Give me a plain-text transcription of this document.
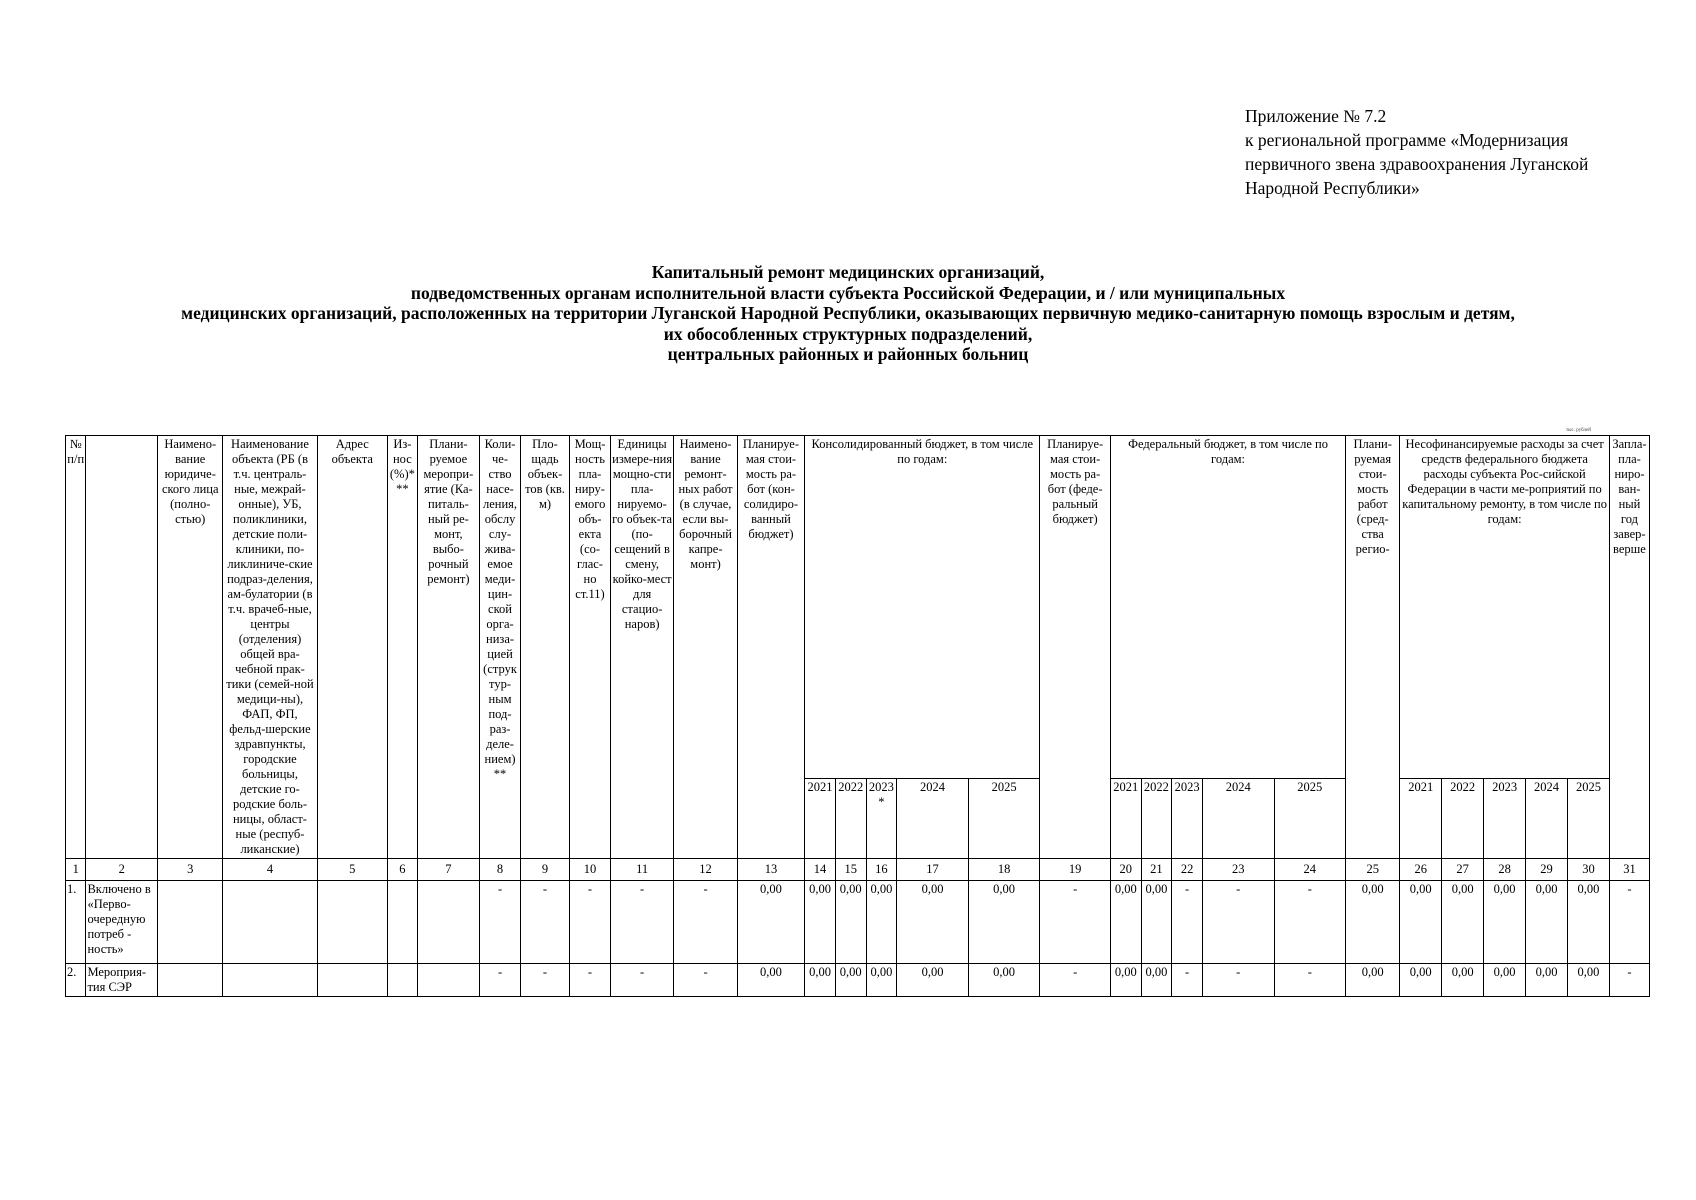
Приложение № 7.2
к региональной программе «Модернизация
первичного звена здравоохранения Луганской
Народной Республики»
Капитальный ремонт медицинских организаций,
подведомственных органам исполнительной власти субъекта Российской Федерации, и / или муниципальных
медицинских организаций, расположенных на территории Луганской Народной Республики, оказывающих первичную медико-санитарную помощь взрослым и детям,
их обособленных структурных подразделений,
центральных районных и районных больниц
тыс. рублей
№ п/п		Наимено-вание юридиче-ского лица (полно-стью)	Наименование объекта (РБ (в т.ч. централь-ные, межрай-онные), УБ, поликлиники, детские поли-клиники, по-ликлиниче-ские подраз-деления, ам-булатории (в т.ч. врачеб-ные, центры (отделения) общей вра-чебной прак-тики (семей-ной медици-ны), ФАП, ФП, фельд-шерские здравпункты, городские больницы, детские го-родские боль-ницы, област-ные (респуб-ликанские)	Адрес объекта	Из-нос (%)* **	Плани-руемое меропри-ятие (Ка-питаль-ный ре-монт, выбо-рочный ремонт)	Коли-че-ство насе-ления, обслу слу-жива-емое меди-цин-ской орга-низа-цией (струк тур-ным под-раз-деле-нием) **	Пло-щадь объек-тов (кв. м)	Мощ-ность пла-ниру-емого объ-екта (со-глас-но ст.11)	Единицы измере-ния мощно-сти пла-нируемо-го объек-та (по-сещений в смену, койко-мест для стацио-наров)	Наимено-вание ремонт-ных работ (в случае, если вы-борочный капре-монт)	Планируе-мая стои-мость ра-бот (кон-солидиро-ванный бюджет)	Консолидированный бюджет, в том числе по годам:					Планируе-мая стои-мость ра-бот (феде-ральный бюджет)	Федеральный бюджет, в том числе по годам:					Плани-руемая стои-мость работ (сред-ства регио-	Несофинансируемые расходы за счет средств федерального бюджета расходы субъекта Рос-сийской Федерации в части ме-роприятий по капитальному ремонту, в том числе по годам:					Запла-пла-ниро-ван-ный год завер-верше
													2021	2022	2023 *	2024	2025		2021	2022	2023	2024	2025		2021	2022	2023	2024	2025	
1	2	3	4	5	6	7	8	9	10	11	12	13	14	15	16	17	18	19	20	21	22	23	24	25	26	27	28	29	30	31
1.	Включено в «Перво-очередную потреб - ность»						-	-	-	-	-	0,00	0,00	0,00	0,00	0,00	0,00	-	0,00	0,00	-	-	-	0,00	0,00	0,00	0,00	0,00	0,00	-
2.	Мероприя-тия СЭР						-	-	-	-	-	0,00	0,00	0,00	0,00	0,00	0,00	-	0,00	0,00	-	-	-	0,00	0,00	0,00	0,00	0,00	0,00	-
